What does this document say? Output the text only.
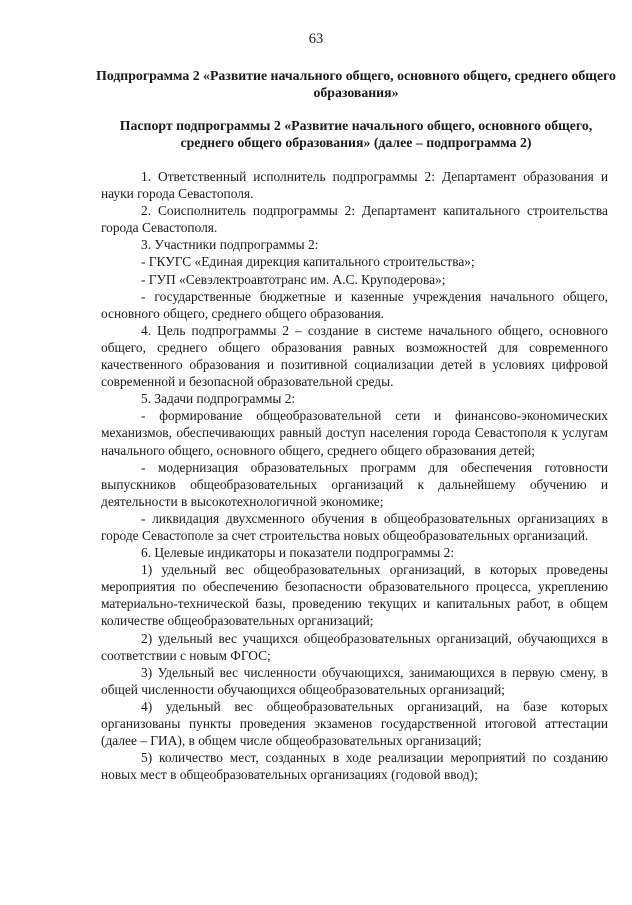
63
Подпрограмма 2 «Развитие начального общего, основного общего, среднего общего образования»
Паспорт подпрограммы 2 «Развитие начального общего, основного общего, среднего общего образования» (далее – подпрограмма 2)

1. Ответственный исполнитель подпрограммы 2: Департамент образования и науки города Севастополя.

2. Соисполнитель подпрограммы 2: Департамент капитального строительства города Севастополя.

3. Участники подпрограммы 2:

- ГКУГС «Единая дирекция капитального строительства»;

- ГУП «Севэлектроавтотранс им. А.С. Круподерова»;

- государственные бюджетные и казенные учреждения начального общего, основного общего, среднего общего образования.

4. Цель подпрограммы 2 – создание в системе начального общего, основного общего, среднего общего образования равных возможностей для современного качественного образования и позитивной социализации детей в условиях цифровой современной и безопасной образовательной среды.

5. Задачи подпрограммы 2:

- формирование общеобразовательной сети и финансово-экономических механизмов, обеспечивающих равный доступ населения города Севастополя к услугам начального общего, основного общего, среднего общего образования детей;

- модернизация образовательных программ для обеспечения готовности выпускников общеобразовательных организаций к дальнейшему обучению и деятельности в высокотехнологичной экономике;

- ликвидация двухсменного обучения в общеобразовательных организациях в городе Севастополе за счет строительства новых общеобразовательных организаций.

6. Целевые индикаторы и показатели подпрограммы 2:

1) удельный вес общеобразовательных организаций, в которых проведены мероприятия по обеспечению безопасности образовательного процесса, укреплению материально-технической базы, проведению текущих и капитальных работ, в общем количестве общеобразовательных организаций;

2) удельный вес учащихся общеобразовательных организаций, обучающихся в соответствии с новым ФГОС;

3) Удельный вес численности обучающихся, занимающихся в первую смену, в общей численности обучающихся общеобразовательных организаций;

4) удельный вес общеобразовательных организаций, на базе которых организованы пункты проведения экзаменов государственной итоговой аттестации (далее – ГИА), в общем числе общеобразовательных организаций;

5) количество мест, созданных в ходе реализации мероприятий по созданию новых мест в общеобразовательных организациях (годовой ввод);
